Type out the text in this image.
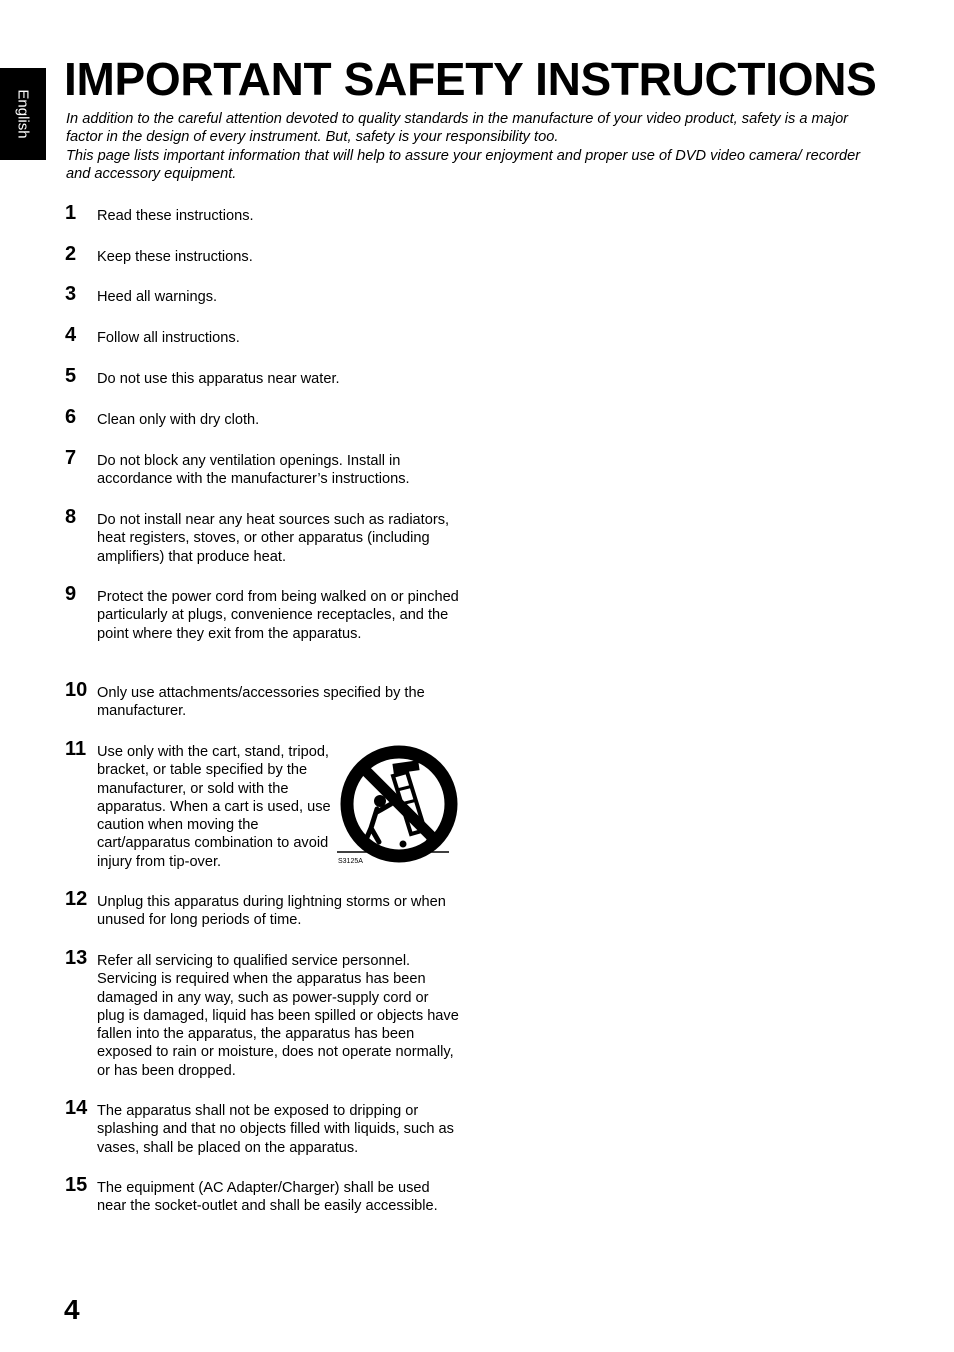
English
IMPORTANT SAFETY INSTRUCTIONS

In addition to the careful attention devoted to quality standards in the manufacture of your video product, safety is a major factor in the design of every instrument. But, safety is your responsibility too.

This page lists important information that will help to assure your enjoyment and proper use of DVD video camera/ recorder and accessory equipment.

1 Read these instructions.
2 Keep these instructions.
3 Heed all warnings.
4 Follow all instructions.
5 Do not use this apparatus near water.
6 Clean only with dry cloth.
7 Do not block any ventilation openings. Install in accordance with the manufacturer’s instructions.
8 Do not install near any heat sources such as radiators, heat registers, stoves, or other apparatus (including amplifiers) that produce heat.
9 Protect the power cord from being walked on or pinched particularly at plugs, convenience receptacles, and the point where they exit from the apparatus.
10 Only use attachments/accessories specified by the manufacturer.
11 Use only with the cart, stand, tripod, bracket, or table specified by the manufacturer, or sold with the apparatus. When a cart is used, use caution when moving the cart/apparatus combination to avoid injury from tip-over.	S3125A
12 Unplug this apparatus during lightning storms or when unused for long periods of time.
13 Refer all servicing to qualified service personnel. Servicing is required when the apparatus has been damaged in any way, such as power-supply cord or plug is damaged, liquid has been spilled or objects have fallen into the apparatus, the apparatus has been exposed to rain or moisture, does not operate normally, or has been dropped.
14 The apparatus shall not be exposed to dripping or splashing and that no objects filled with liquids, such as vases, shall be placed on the apparatus.
15 The equipment (AC Adapter/Charger) shall be used near the socket-outlet and shall be easily accessible.
4
